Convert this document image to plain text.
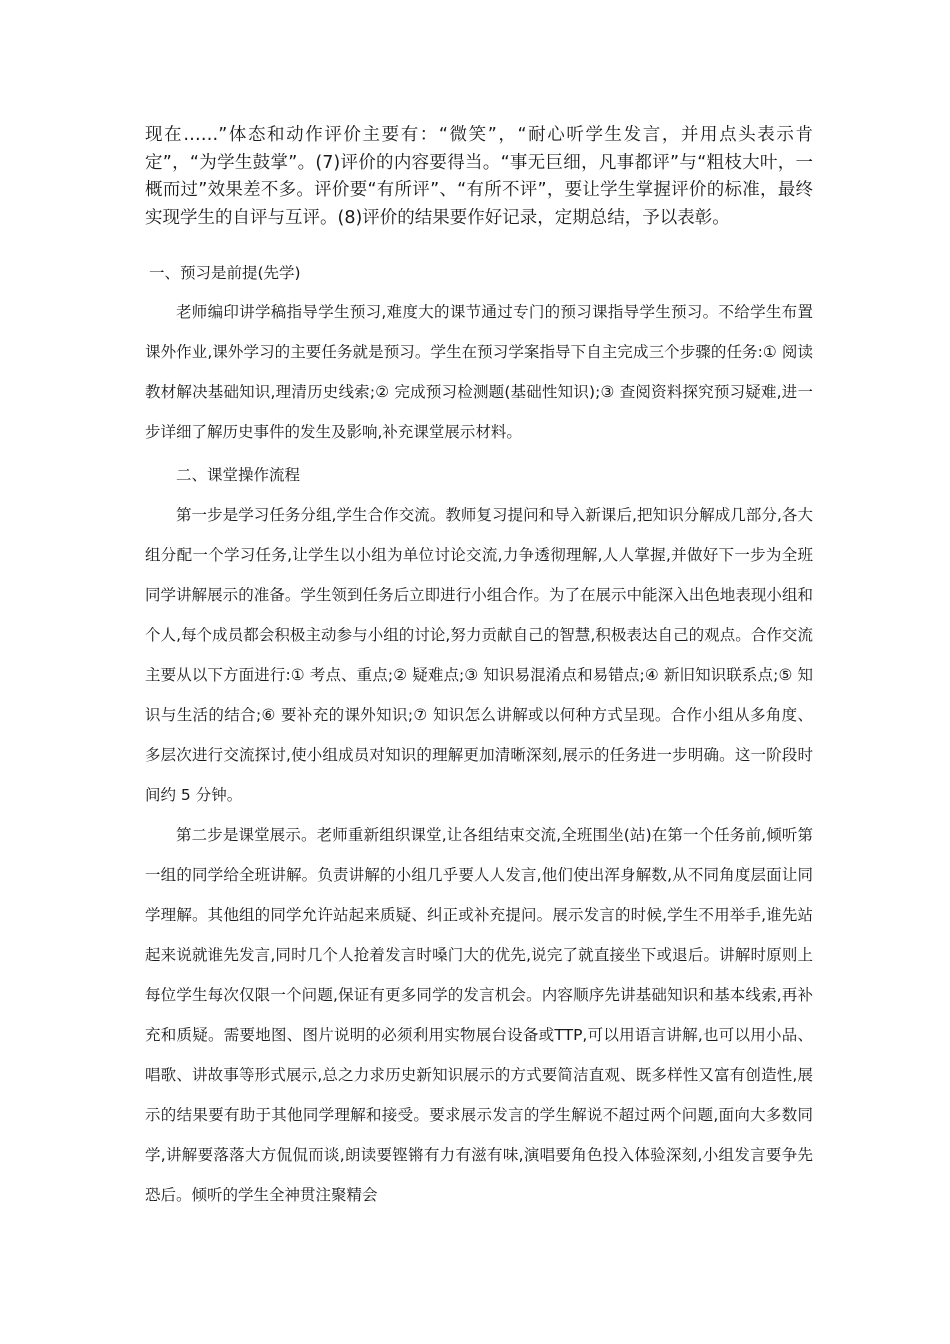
现在……”体态和动作评价主要有：“微笑”，“耐心听学生发言，并用点头表示肯定”，“为学生鼓掌”。(7)评价的内容要得当。“事无巨细，凡事都评”与“粗枝大叶，一概而过”效果差不多。评价要“有所评”、“有所不评”，要让学生掌握评价的标准，最终实现学生的自评与互评。(8)评价的结果要作好记录，定期总结，予以表彰。

一、预习是前提(先学)

老师编印讲学稿指导学生预习,难度大的课节通过专门的预习课指导学生预习。不给学生布置课外作业,课外学习的主要任务就是预习。学生在预习学案指导下自主完成三个步骤的任务:① 阅读教材解决基础知识,理清历史线索;② 完成预习检测题(基础性知识);③ 查阅资料探究预习疑难,进一步详细了解历史事件的发生及影响,补充课堂展示材料。

二、课堂操作流程

第一步是学习任务分组,学生合作交流。教师复习提问和导入新课后,把知识分解成几部分,各大组分配一个学习任务,让学生以小组为单位讨论交流,力争透彻理解,人人掌握,并做好下一步为全班同学讲解展示的准备。学生领到任务后立即进行小组合作。为了在展示中能深入出色地表现小组和个人,每个成员都会积极主动参与小组的讨论,努力贡献自己的智慧,积极表达自己的观点。合作交流主要从以下方面进行:① 考点、重点;② 疑难点;③ 知识易混淆点和易错点;④ 新旧知识联系点;⑤ 知识与生活的结合;⑥ 要补充的课外知识;⑦ 知识怎么讲解或以何种方式呈现。合作小组从多角度、多层次进行交流探讨,使小组成员对知识的理解更加清晰深刻,展示的任务进一步明确。这一阶段时间约 5 分钟。

第二步是课堂展示。老师重新组织课堂,让各组结束交流,全班围坐(站)在第一个任务前,倾听第一组的同学给全班讲解。负责讲解的小组几乎要人人发言,他们使出浑身解数,从不同角度层面让同学理解。其他组的同学允许站起来质疑、纠正或补充提问。展示发言的时候,学生不用举手,谁先站起来说就谁先发言,同时几个人抢着发言时嗓门大的优先,说完了就直接坐下或退后。讲解时原则上每位学生每次仅限一个问题,保证有更多同学的发言机会。内容顺序先讲基础知识和基本线索,再补充和质疑。需要地图、图片说明的必须利用实物展台设备或TTP,可以用语言讲解,也可以用小品、唱歌、讲故事等形式展示,总之力求历史新知识展示的方式要简洁直观、既多样性又富有创造性,展示的结果要有助于其他同学理解和接受。要求展示发言的学生解说不超过两个问题,面向大多数同学,讲解要落落大方侃侃而谈,朗读要铿锵有力有滋有味,演唱要角色投入体验深刻,小组发言要争先恐后。倾听的学生全神贯注聚精会
